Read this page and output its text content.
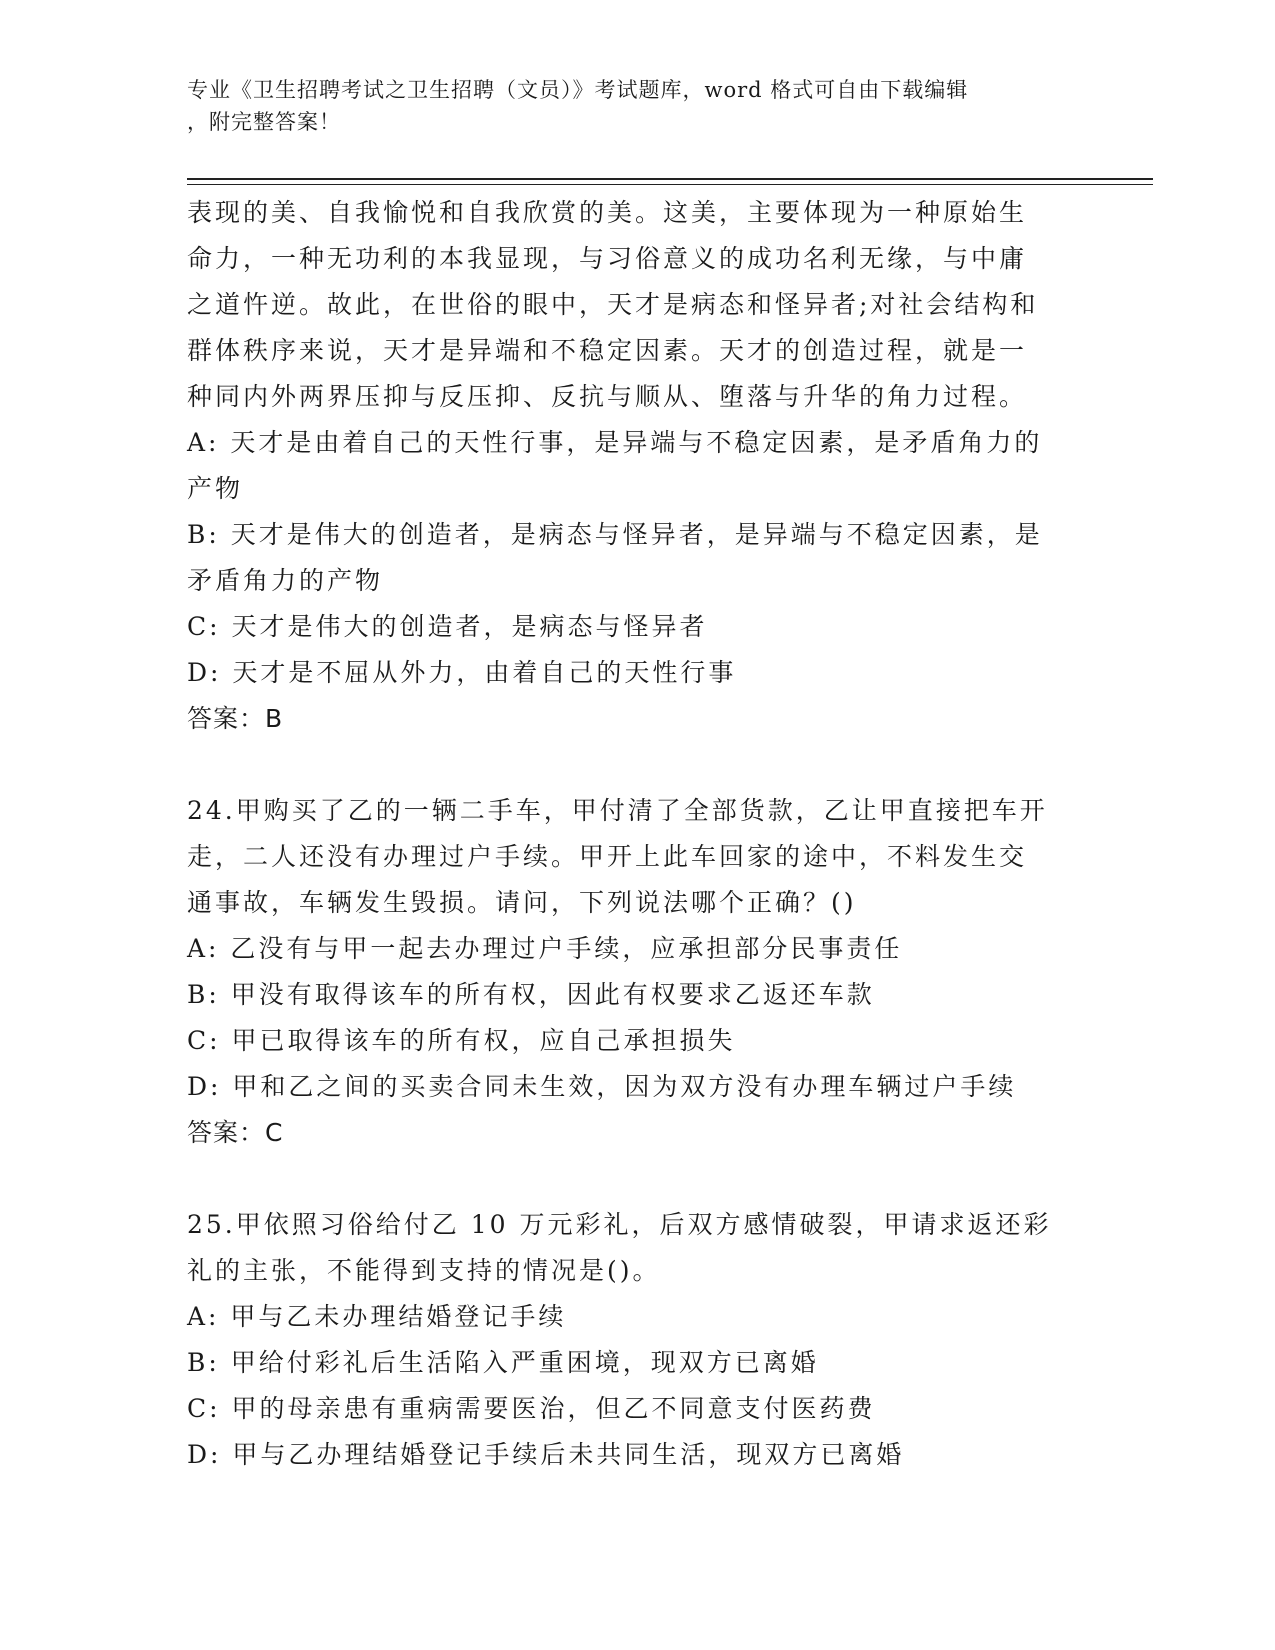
专业《卫生招聘考试之卫生招聘（文员）》考试题库，word 格式可自由下载编辑
，附完整答案！
表现的美、自我愉悦和自我欣赏的美。这美，主要体现为一种原始生
命力，一种无功利的本我显现，与习俗意义的成功名利无缘，与中庸
之道忤逆。故此，在世俗的眼中，天才是病态和怪异者;对社会结构和
群体秩序来说，天才是异端和不稳定因素。天才的创造过程，就是一
种同内外两界压抑与反压抑、反抗与顺从、堕落与升华的角力过程。
A: 天才是由着自己的天性行事，是异端与不稳定因素，是矛盾角力的
产物
B: 天才是伟大的创造者，是病态与怪异者，是异端与不稳定因素，是
矛盾角力的产物
C: 天才是伟大的创造者，是病态与怪异者
D: 天才是不屈从外力，由着自己的天性行事
答案：B
24.甲购买了乙的一辆二手车，甲付清了全部货款，乙让甲直接把车开
走，二人还没有办理过户手续。甲开上此车回家的途中，不料发生交
通事故，车辆发生毁损。请问，下列说法哪个正确？()
A: 乙没有与甲一起去办理过户手续，应承担部分民事责任
B: 甲没有取得该车的所有权，因此有权要求乙返还车款
C: 甲已取得该车的所有权，应自己承担损失
D: 甲和乙之间的买卖合同未生效，因为双方没有办理车辆过户手续
答案：C
25.甲依照习俗给付乙 10 万元彩礼，后双方感情破裂，甲请求返还彩
礼的主张，不能得到支持的情况是()。
A: 甲与乙未办理结婚登记手续
B: 甲给付彩礼后生活陷入严重困境，现双方已离婚
C: 甲的母亲患有重病需要医治，但乙不同意支付医药费
D: 甲与乙办理结婚登记手续后未共同生活，现双方已离婚
